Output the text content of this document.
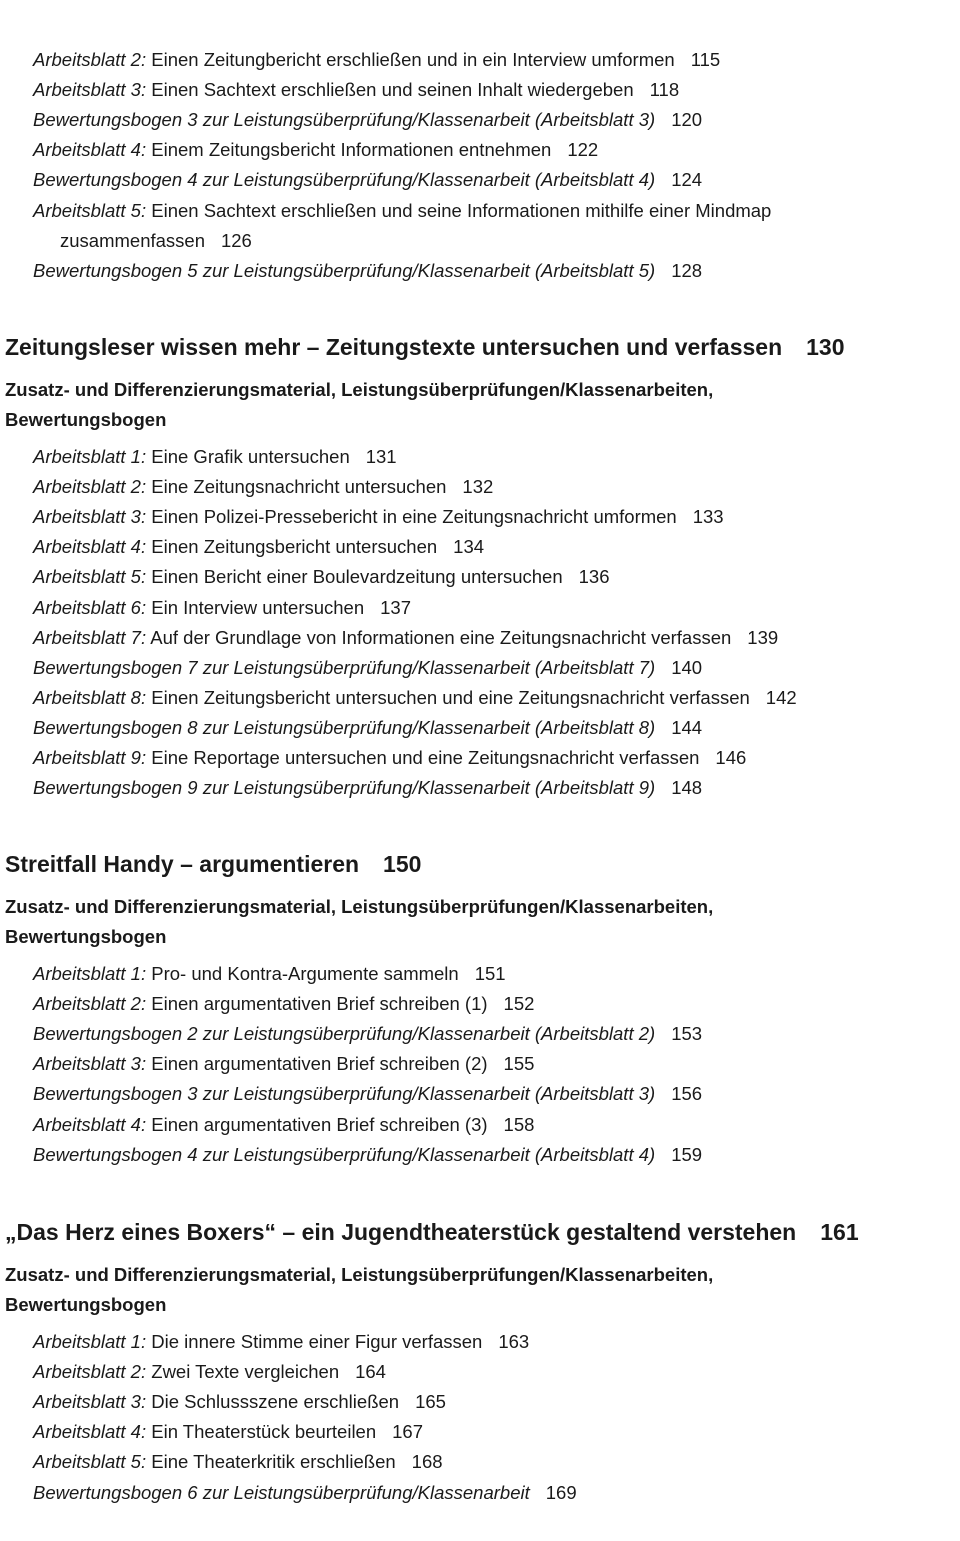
Arbeitsblatt 2: Einen Zeitungbericht erschließen und in ein Interview umformen 115
Arbeitsblatt 3: Einen Sachtext erschließen und seinen Inhalt wiedergeben 118
Bewertungsbogen 3 zur Leistungsüberprüfung/Klassenarbeit (Arbeitsblatt 3) 120
Arbeitsblatt 4: Einem Zeitungsbericht Informationen entnehmen 122
Bewertungsbogen 4 zur Leistungsüberprüfung/Klassenarbeit (Arbeitsblatt 4) 124
Arbeitsblatt 5: Einen Sachtext erschließen und seine Informationen mithilfe einer Mindmap
zusammenfassen 126
Bewertungsbogen 5 zur Leistungsüberprüfung/Klassenarbeit (Arbeitsblatt 5) 128
Zeitungsleser wissen mehr – Zeitungstexte untersuchen und verfassen 130
Zusatz- und Differenzierungsmaterial, Leistungsüberprüfungen/Klassenarbeiten,
Bewertungsbogen
Arbeitsblatt 1: Eine Grafik untersuchen 131
Arbeitsblatt 2: Eine Zeitungsnachricht untersuchen 132
Arbeitsblatt 3: Einen Polizei-Pressebericht in eine Zeitungsnachricht umformen 133
Arbeitsblatt 4: Einen Zeitungsbericht untersuchen 134
Arbeitsblatt 5: Einen Bericht einer Boulevardzeitung untersuchen 136
Arbeitsblatt 6: Ein Interview untersuchen 137
Arbeitsblatt 7: Auf der Grundlage von Informationen eine Zeitungsnachricht verfassen 139
Bewertungsbogen 7 zur Leistungsüberprüfung/Klassenarbeit (Arbeitsblatt 7) 140
Arbeitsblatt 8: Einen Zeitungsbericht untersuchen und eine Zeitungsnachricht verfassen 142
Bewertungsbogen 8 zur Leistungsüberprüfung/Klassenarbeit (Arbeitsblatt 8) 144
Arbeitsblatt 9: Eine Reportage untersuchen und eine Zeitungsnachricht verfassen 146
Bewertungsbogen 9 zur Leistungsüberprüfung/Klassenarbeit (Arbeitsblatt 9) 148
Streitfall Handy – argumentieren 150
Zusatz- und Differenzierungsmaterial, Leistungsüberprüfungen/Klassenarbeiten,
Bewertungsbogen
Arbeitsblatt 1: Pro- und Kontra-Argumente sammeln 151
Arbeitsblatt 2: Einen argumentativen Brief schreiben (1) 152
Bewertungsbogen 2 zur Leistungsüberprüfung/Klassenarbeit (Arbeitsblatt 2) 153
Arbeitsblatt 3: Einen argumentativen Brief schreiben (2) 155
Bewertungsbogen 3 zur Leistungsüberprüfung/Klassenarbeit (Arbeitsblatt 3) 156
Arbeitsblatt 4: Einen argumentativen Brief schreiben (3) 158
Bewertungsbogen 4 zur Leistungsüberprüfung/Klassenarbeit (Arbeitsblatt 4) 159
„Das Herz eines Boxers“ – ein Jugendtheaterstück gestaltend verstehen 161
Zusatz- und Differenzierungsmaterial, Leistungsüberprüfungen/Klassenarbeiten,
Bewertungsbogen
Arbeitsblatt 1: Die innere Stimme einer Figur verfassen 163
Arbeitsblatt 2: Zwei Texte vergleichen 164
Arbeitsblatt 3: Die Schlussszene erschließen 165
Arbeitsblatt 4: Ein Theaterstück beurteilen 167
Arbeitsblatt 5: Eine Theaterkritik erschließen 168
Bewertungsbogen 6 zur Leistungsüberprüfung/Klassenarbeit 169
